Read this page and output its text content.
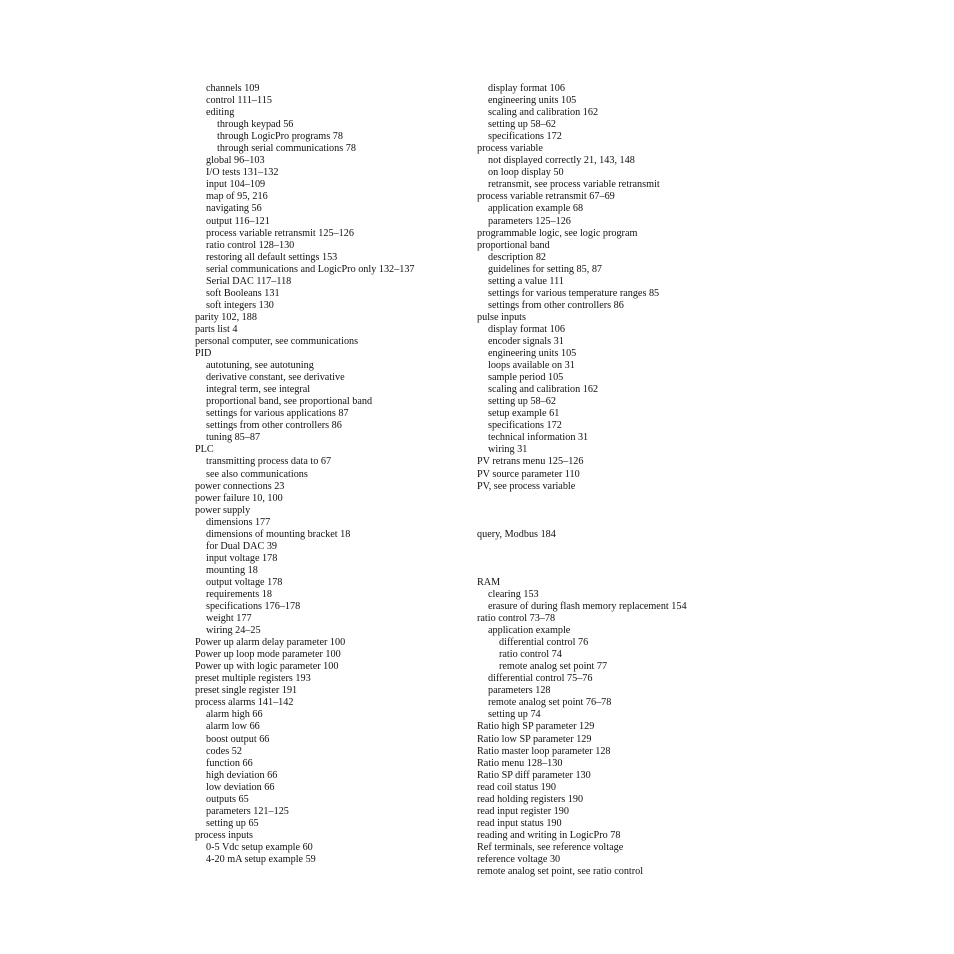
channels 109
control 111–115
editing
through keypad 56
through LogicPro programs 78
through serial communications 78
global 96–103
I/O tests 131–132
input 104–109
map of 95, 216
navigating 56
output 116–121
process variable retransmit 125–126
ratio control 128–130
restoring all default settings 153
serial communications and LogicPro only 132–137
Serial DAC 117–118
soft Booleans 131
soft integers 130
parity 102, 188
parts list 4
personal computer, see communications
PID
autotuning, see autotuning
derivative constant, see derivative
integral term, see integral
proportional band, see proportional band
settings for various applications 87
settings from other controllers 86
tuning 85–87
PLC
transmitting process data to 67
see also communications
power connections 23
power failure 10, 100
power supply
dimensions 177
dimensions of mounting bracket 18
for Dual DAC 39
input voltage 178
mounting 18
output voltage 178
requirements 18
specifications 176–178
weight 177
wiring 24–25
Power up alarm delay parameter 100
Power up loop mode parameter 100
Power up with logic parameter 100
preset multiple registers 193
preset single register 191
process alarms 141–142
alarm high 66
alarm low 66
boost output 66
codes 52
function 66
high deviation 66
low deviation 66
outputs 65
parameters 121–125
setting up 65
process inputs
0-5 Vdc setup example 60
4-20 mA setup example 59
display format 106
engineering units 105
scaling and calibration 162
setting up 58–62
specifications 172
process variable
not displayed correctly 21, 143, 148
on loop display 50
retransmit, see process variable retransmit
process variable retransmit 67–69
application example 68
parameters 125–126
programmable logic, see logic program
proportional band
description 82
guidelines for setting 85, 87
setting a value 111
settings for various temperature ranges 85
settings from other controllers 86
pulse inputs
display format 106
encoder signals 31
engineering units 105
loops available on 31
sample period 105
scaling and calibration 162
setting up 58–62
setup example 61
specifications 172
technical information 31
wiring 31
PV retrans menu 125–126
PV source parameter 110
PV, see process variable
query, Modbus 184
RAM
clearing 153
erasure of during flash memory replacement 154
ratio control 73–78
application example
differential control 76
ratio control 74
remote analog set point 77
differential control 75–76
parameters 128
remote analog set point 76–78
setting up 74
Ratio high SP parameter 129
Ratio low SP parameter 129
Ratio master loop parameter 128
Ratio menu 128–130
Ratio SP diff parameter 130
read coil status 190
read holding registers 190
read input register 190
read input status 190
reading and writing in LogicPro 78
Ref terminals, see reference voltage
reference voltage 30
remote analog set point, see ratio control
